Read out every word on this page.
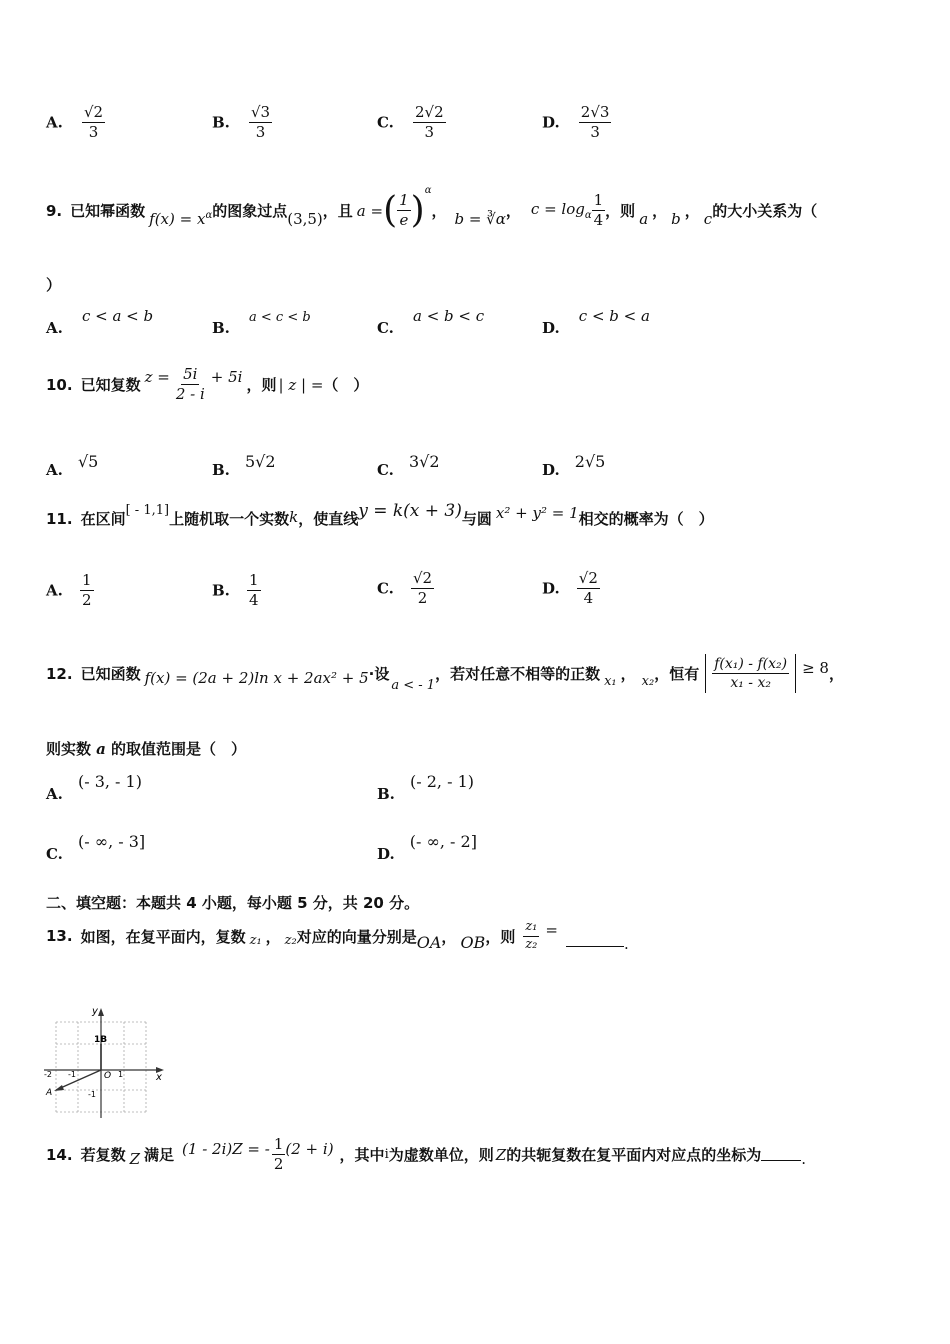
A. $\frac{√2}{3}$	B. $\frac{√3}{3}$	C. $\frac{2√2}{3}$	D. $\frac{2√3}{3}$
9. 已知幂函数 $f(x) = x^\alpha$ 的图象过点 (3,5) ，且 a = ( $\frac{1}{e}$ ) α
， b = ∛α ， $c = \log_\alpha \frac{1}{4}$ ，则 a ， b ， c 的大小关系为（
）
A. c < a < b
B. a < c < b
C. a < b < c
D. c < b < a
10. 已知复数 $z = \frac{5i}{2 - i} + 5i$ ，则 | z | = （　）
A. √5	B. 5√2	C. 3√2	D. 2√5
11. 在区间 [ - 1,1] 上随机取一个实数 k ，使直线 y = k(x + 3) 与圆 x² + y² = 1 相交的概率为（　）
A. $\frac{1}{2}$	B. $\frac{1}{4}$	C. $\frac{√2}{2}$	D. $\frac{√2}{4}$
12. 已知函数 f(x) = (2a + 2)ln x + 2ax² + 5 ·设
a < - 1
，若对任意不相等的正数 x₁ ， x₂ ，恒有 $\frac{\text{f(x₁) - f(x₂)}}{\text{x₁ - x₂}} \ge 8$ ，
则实数 a 的取值范围是（　）
A. (- 3, - 1)
B. (- 2, - 1)
C. (- ∞, - 3]
D. (- ∞, - 2]
二、填空题：本题共 4 小题，每小题 5 分，共 20 分。
13. 如图，在复平面内，复数 z₁ ， z₂ 对应的向量分别是 OA ， OB ，则 $\frac{\text{z₁}}{\text{z₂}}$ =
.
y
x
O
1B
A
-2 -1	1
-1
14. 若复数 Z 满足 (1 - 2i)Z = - $\frac{1}{2} (2 + i)$ ，其中 i 为虚数单位，则 Z 的共轭复数在复平面内对应点的坐标为	.
